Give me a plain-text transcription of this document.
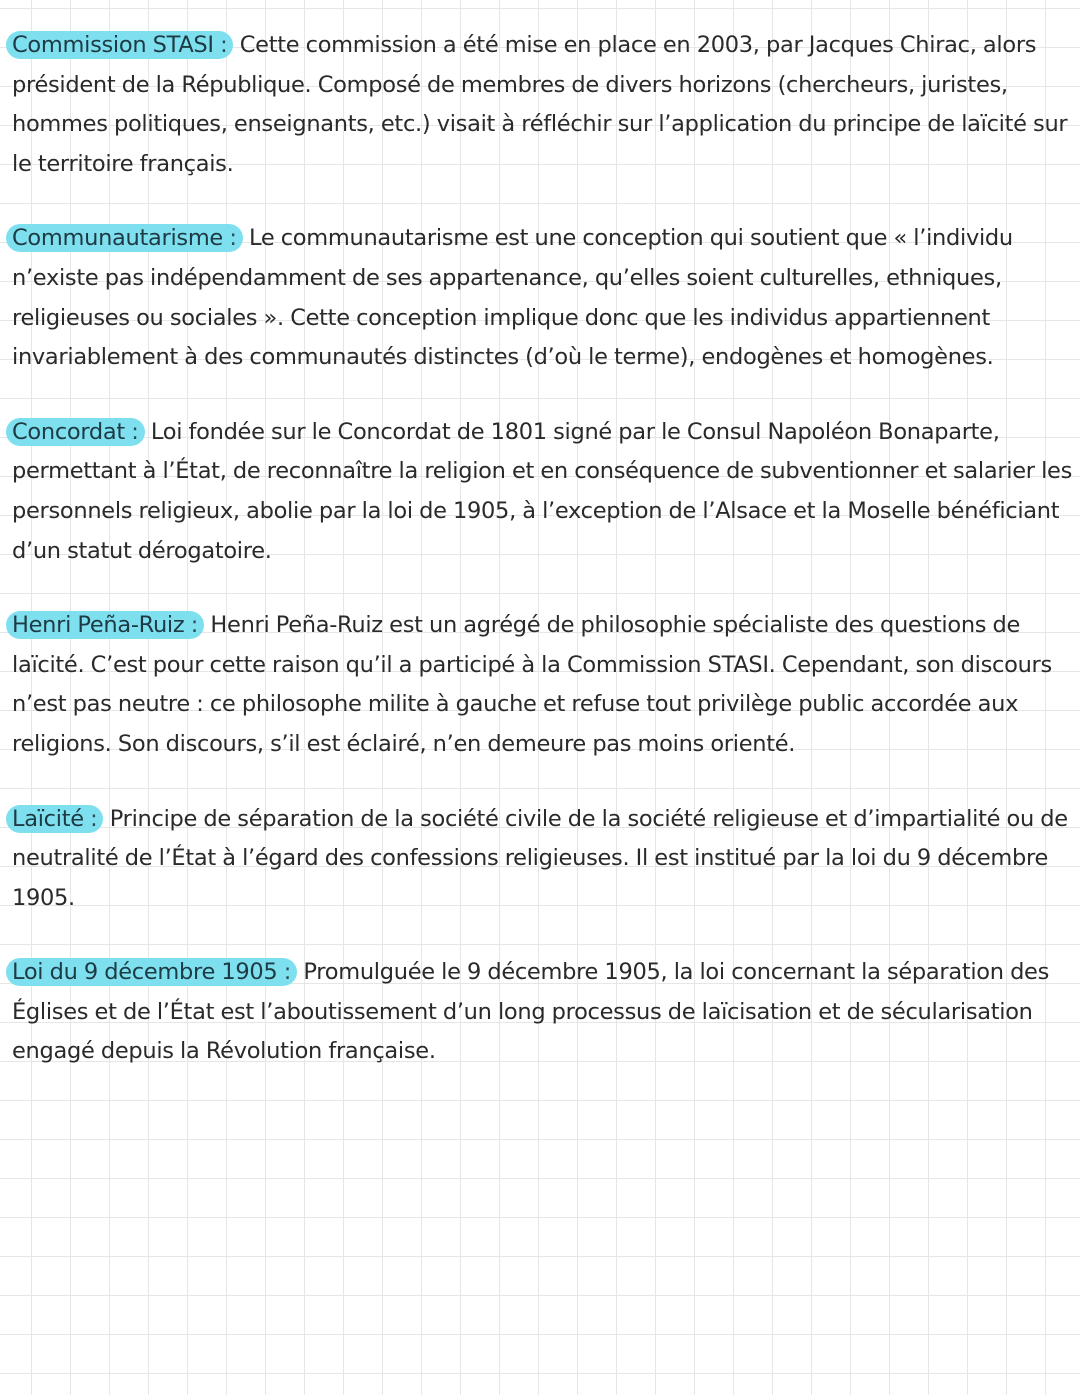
Commission STASI : Cette commission a été mise en place en 2003, par Jacques Chirac, alors président de la République. Composé de membres de divers horizons (chercheurs, juristes, hommes politiques, enseignants, etc.) visait à réfléchir sur l’application du principe de laïcité sur le territoire français.

Communautarisme : Le communautarisme est une conception qui soutient que « l’individu n’existe pas indépendamment de ses appartenance, qu’elles soient culturelles, ethniques, religieuses ou sociales ». Cette conception implique donc que les individus appartiennent invariablement à des communautés distinctes (d’où le terme), endogènes et homogènes.

Concordat : Loi fondée sur le Concordat de 1801 signé par le Consul Napoléon Bonaparte, permettant à l’État, de reconnaître la religion et en conséquence de subventionner et salarier les personnels religieux, abolie par la loi de 1905, à l’exception de l’Alsace et la Moselle bénéficiant d’un statut dérogatoire.

Henri Peña-Ruiz : Henri Peña-Ruiz est un agrégé de philosophie spécialiste des questions de laïcité. C’est pour cette raison qu’il a participé à la Commission STASI. Cependant, son discours n’est pas neutre : ce philosophe milite à gauche et refuse tout privilège public accordée aux religions. Son discours, s’il est éclairé, n’en demeure pas moins orienté.

Laïcité : Principe de séparation de la société civile de la société religieuse et d’impartialité ou de neutralité de l’État à l’égard des confessions religieuses. Il est institué par la loi du 9 décembre 1905.

Loi du 9 décembre 1905 : Promulguée le 9 décembre 1905, la loi concernant la séparation des Églises et de l’État est l’aboutissement d’un long processus de laïcisation et de sécularisation engagé depuis la Révolution française.
